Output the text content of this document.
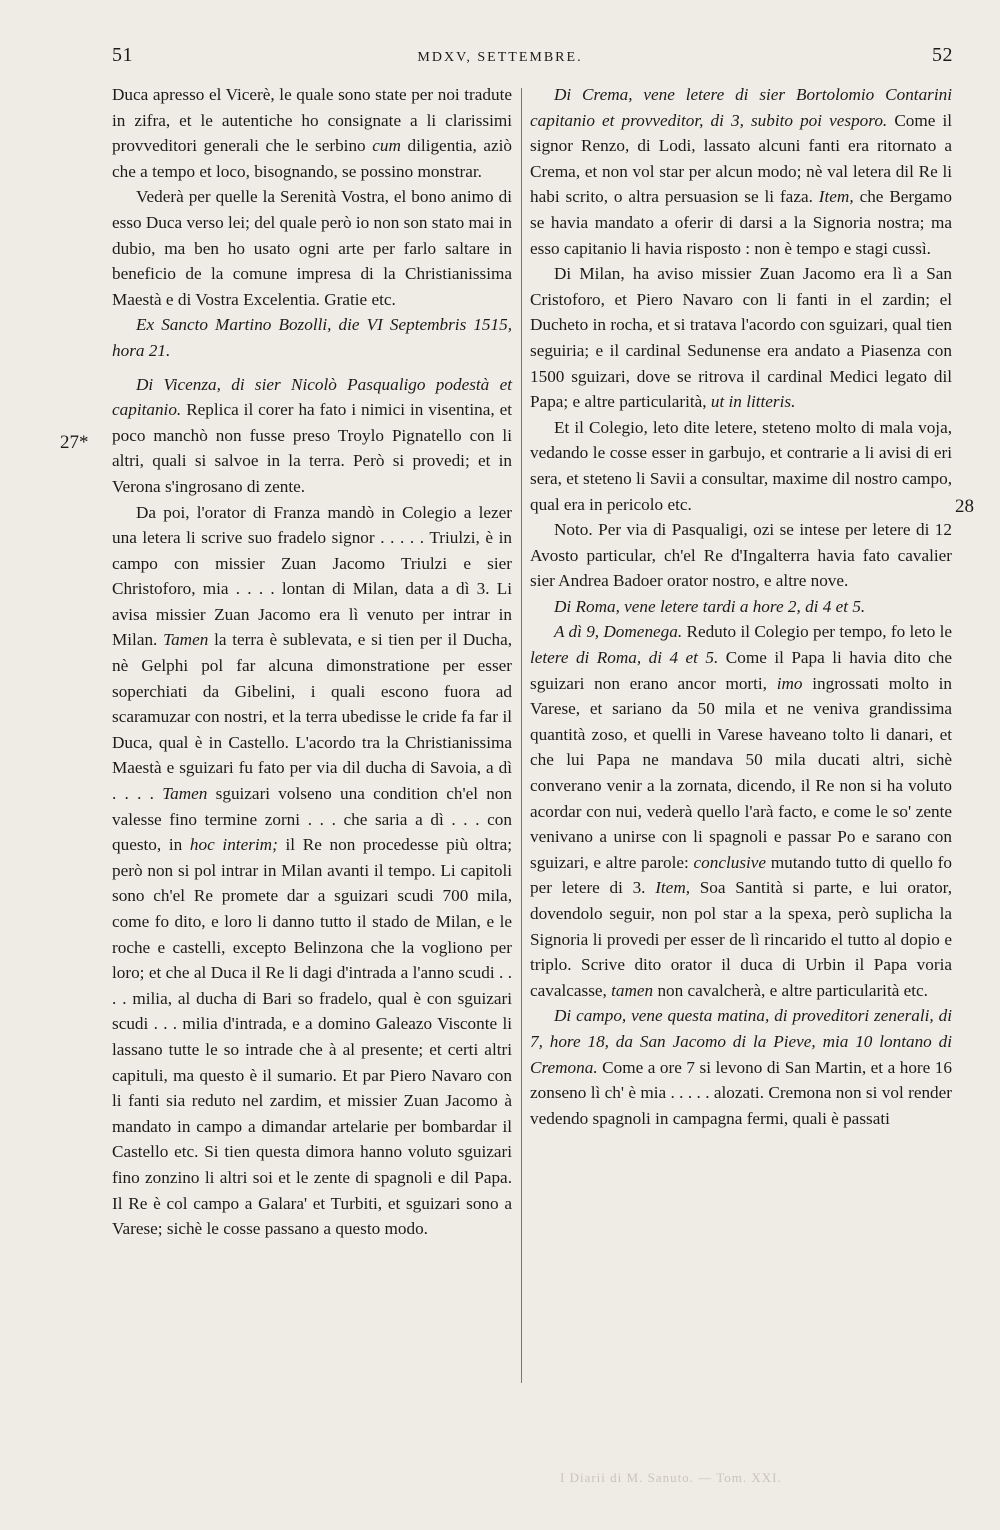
51	MDXV, SETTEMBRE.	52
27*
28

Duca apresso el Vicerè, le quale sono state per noi tradute in zifra, et le autentiche ho consignate a li clarissimi provveditori generali che le serbino cum diligentia, aziò che a tempo et loco, bisognando, se possino monstrar.

Vederà per quelle la Serenità Vostra, el bono animo di esso Duca verso lei; del quale però io non son stato mai in dubio, ma ben ho usato ogni arte per farlo saltare in beneficio de la comune impresa di la Christianissima Maestà e di Vostra Excelentia. Gratie etc.

Ex Sancto Martino Bozolli, die VI Septembris 1515, hora 21.

Di Vicenza, di sier Nicolò Pasqualigo podestà et capitanio. Replica il corer ha fato i nimici in visentina, et poco manchò non fusse preso Troylo Pignatello con li altri, quali si salvoe in la terra. Però si provedi; et in Verona s'ingrosano di zente.

Da poi, l'orator di Franza mandò in Colegio a lezer una letera li scrive suo fradelo signor . . . . . Triulzi, è in campo con missier Zuan Jacomo Triulzi e sier Christoforo, mia . . . . lontan di Milan, data a dì 3. Li avisa missier Zuan Jacomo era lì venuto per intrar in Milan. Tamen la terra è sublevata, e si tien per il Ducha, nè Gelphi pol far alcuna dimonstratione per esser soperchiati da Gibelini, i quali escono fuora ad scaramuzar con nostri, et la terra ubedisse le cride fa far il Duca, qual è in Castello. L'acordo tra la Christianissima Maestà e sguizari fu fato per via dil ducha di Savoia, a dì . . . . Tamen sguizari volseno una condition ch'el non valesse fino termine zorni . . . che saria a dì . . . con questo, in hoc interim; il Re non procedesse più oltra; però non si pol intrar in Milan avanti il tempo. Li capitoli sono ch'el Re promete dar a sguizari scudi 700 mila, come fo dito, e loro li danno tutto il stado de Milan, e le roche e castelli, excepto Belinzona che la vogliono per loro; et che al Duca il Re li dagi d'intrada a l'anno scudi . . . . milia, al ducha di Bari so fradelo, qual è con sguizari scudi . . . milia d'intrada, e a domino Galeazo Visconte li lassano tutte le so intrade che à al presente; et certi altri capituli, ma questo è il sumario. Et par Piero Navaro con li fanti sia reduto nel zardim, et missier Zuan Jacomo à mandato in campo a dimandar artelarie per bombardar il Castello etc. Si tien questa dimora hanno voluto sguizari fino zonzino li altri soi et le zente di spagnoli e dil Papa. Il Re è col campo a Galara' et Turbiti, et sguizari sono a Varese; sichè le cosse passano a questo modo.

Di Crema, vene letere di sier Bortolomio Contarini capitanio et provveditor, di 3, subito poi vesporo. Come il signor Renzo, di Lodi, lassato alcuni fanti era ritornato a Crema, et non vol star per alcun modo; nè val letera dil Re li habi scrito, o altra persuasion se li faza. Item, che Bergamo se havia mandato a oferir di darsi a la Signoria nostra; ma esso capitanio li havia risposto : non è tempo e stagi cussì.

Di Milan, ha aviso missier Zuan Jacomo era lì a San Cristoforo, et Piero Navaro con li fanti in el zardin; el Ducheto in rocha, et si tratava l'acordo con sguizari, qual tien seguiria; e il cardinal Sedunense era andato a Piasenza con 1500 sguizari, dove se ritrova il cardinal Medici legato dil Papa; e altre particularità, ut in litteris.

Et il Colegio, leto dite letere, steteno molto di mala voja, vedando le cosse esser in garbujo, et contrarie a li avisi di eri sera, et steteno li Savii a consultar, maxime dil nostro campo, qual era in pericolo etc.

Noto. Per via di Pasqualigi, ozi se intese per letere di 12 Avosto particular, ch'el Re d'Ingalterra havia fato cavalier sier Andrea Badoer orator nostro, e altre nove.

Di Roma, vene letere tardi a hore 2, di 4 et 5.

A dì 9, Domenega. Reduto il Colegio per tempo, fo leto le letere di Roma, di 4 et 5. Come il Papa li havia dito che sguizari non erano ancor morti, imo ingrossati molto in Varese, et sariano da 50 mila et ne veniva grandissima quantità zoso, et quelli in Varese haveano tolto li danari, et che lui Papa ne mandava 50 mila ducati altri, sichè converano venir a la zornata, dicendo, il Re non si ha voluto acordar con nui, vederà quello l'arà facto, e come le so' zente venivano a unirse con li spagnoli e passar Po e sarano con sguizari, e altre parole: conclusive mutando tutto di quello fo per letere di 3. Item, Soa Santità si parte, e lui orator, dovendolo seguir, non pol star a la spexa, però suplicha la Signoria li provedi per esser de lì rincarido el tutto al dopio e triplo. Scrive dito orator il duca di Urbin il Papa voria cavalcasse, tamen non cavalcherà, e altre particularità etc.

Di campo, vene questa matina, di proveditori zenerali, di 7, hore 18, da San Jacomo di la Pieve, mia 10 lontano di Cremona. Come a ore 7 si levono di San Martin, et a hore 16 zonseno lì ch' è mia . . . . . alozati. Cremona non si vol render vedendo spagnoli in campagna fermi, quali è passati

I Diarii di M. Sanuto. — Tom. XXI.
